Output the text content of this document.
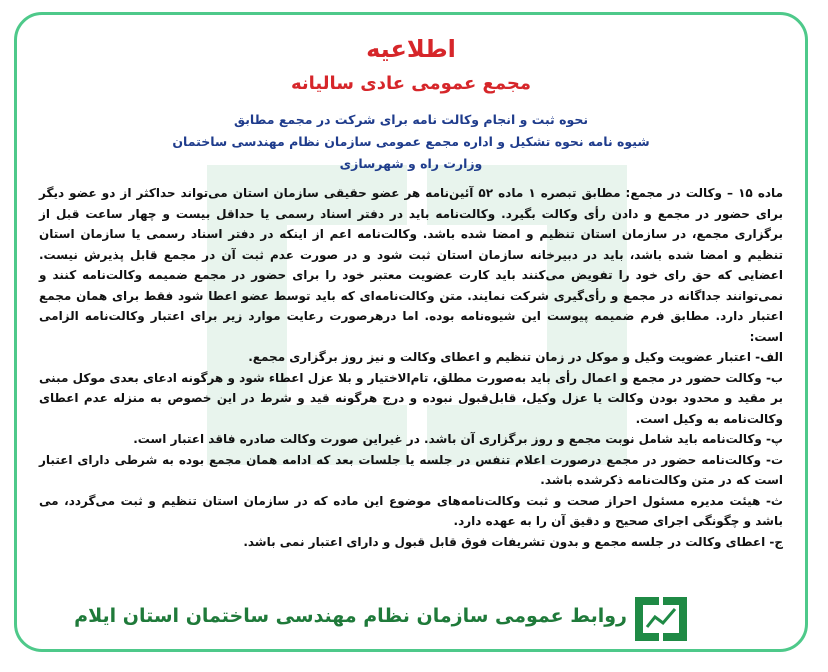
اطلاعیه
مجمع عمومی عادی سالیانه
نحوه ثبت و انجام وکالت نامه برای شرکت در مجمع مطابق
شیوه نامه نحوه تشکیل و اداره مجمع عمومی سازمان نظام مهندسی ساختمان
وزارت راه و شهرسازی

ماده ۱۵ – وکالت در مجمع: مطابق تبصره ۱ ماده ۵۲ آئین‌نامه هر عضو حقیقی سازمان استان می‌تواند حداکثر از دو عضو دیگر برای حضور در مجمع و دادن رأی وکالت بگیرد. وکالت‌نامه باید در دفتر اسناد رسمی یا حداقل بیست و چهار ساعت قبل از برگزاری مجمع، در سازمان استان تنظیم و امضا شده باشد. وکالت‌نامه اعم از اینکه در دفتر اسناد رسمی یا سازمان استان تنظیم و امضا شده باشد، باید در دبیرخانه سازمان استان ثبت شود و در صورت عدم ثبت آن در مجمع قابل پذیرش نیست. اعضایی که حق رای خود را تفویض می‌کنند باید کارت عضویت معتبر خود را برای حضور در مجمع ضمیمه وکالت‌نامه کنند و نمی‌توانند جداگانه در مجمع و رأی‌گیری شرکت نمایند. متن وکالت‌نامه‌ای که باید توسط عضو اعطا شود فقط برای همان مجمع اعتبار دارد. مطابق فرم ضمیمه پیوست این شیوه‌نامه بوده. اما درهرصورت رعایت موارد زیر برای اعتبار وکالت‌نامه الزامی است:

الف- اعتبار عضویت وکیل و موکل در زمان تنظیم و اعطای وکالت و نیز روز برگزاری مجمع.

ب- وکالت حضور در مجمع و اعمال رأی باید به‌صورت مطلق، تام‌الاختیار و بلا عزل اعطاء شود و هرگونه ادعای بعدی موکل مبنی بر مقید و محدود بودن وکالت یا عزل وکیل، قابل‌قبول نبوده و درج هرگونه قید و شرط در این خصوص به منزله عدم اعطای وکالت‌نامه به وکیل است.

پ- وکالت‌نامه باید شامل نوبت مجمع و روز برگزاری آن باشد. در غیراین صورت وکالت صادره فاقد اعتبار است.

ت- وکالت‌نامه حضور در مجمع درصورت اعلام تنفس در جلسه یا جلسات بعد که ادامه همان مجمع بوده به شرطی دارای اعتبار است که در متن وکالت‌نامه ذکرشده باشد.

ث- هیئت مدیره مسئول احراز صحت و ثبت وکالت‌نامه‌های موضوع این ماده که در سازمان استان تنظیم و ثبت می‌گردد، می باشد و چگونگی اجرای صحیح و دقیق آن را به عهده دارد.

ج- اعطای وکالت در جلسه مجمع و بدون تشریفات فوق قابل قبول و دارای اعتبار نمی باشد.

روابط عمومی سازمان نظام مهندسی ساختمان استان ایلام
